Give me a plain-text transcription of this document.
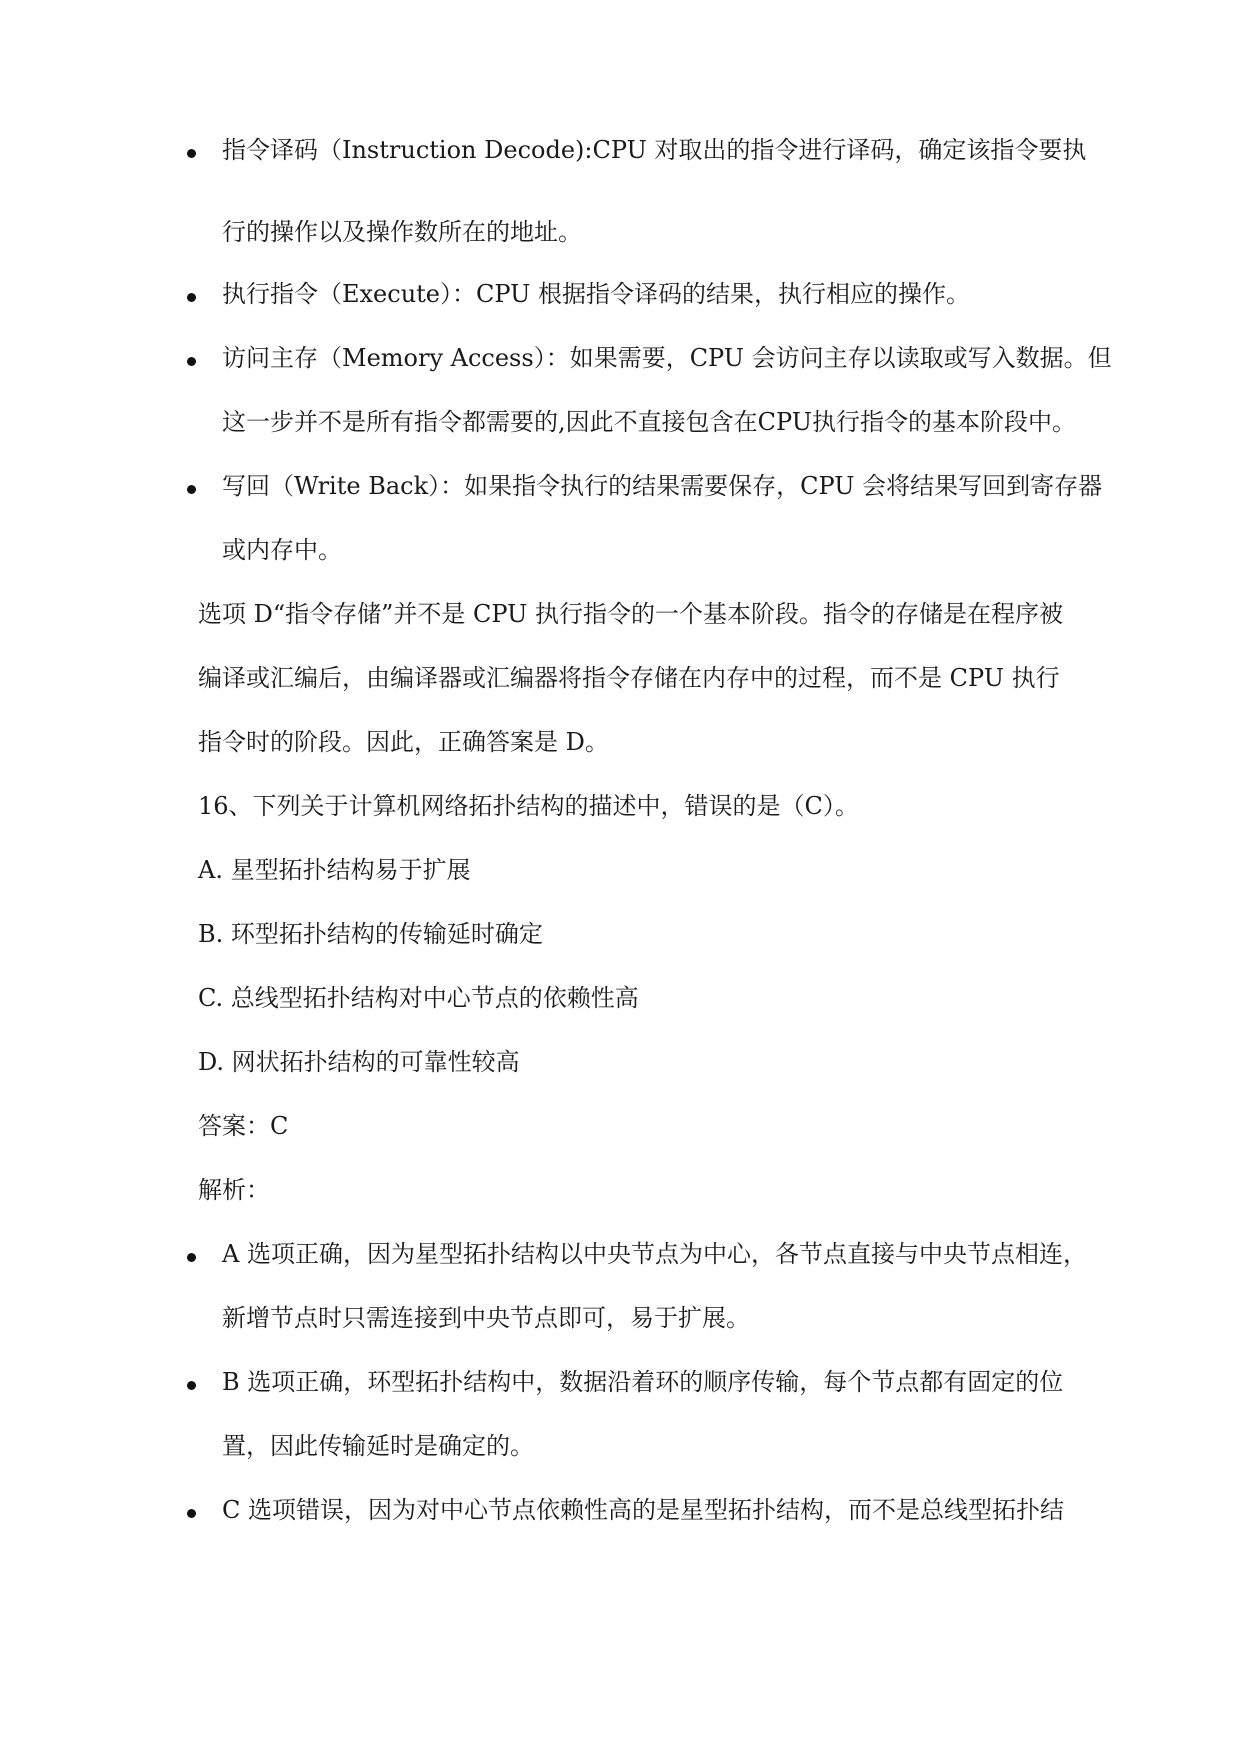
指令译码（Instruction Decode):CPU 对取出的指令进行译码，确定该指令要执
行的操作以及操作数所在的地址。
执行指令（Execute）：CPU 根据指令译码的结果，执行相应的操作。
访问主存（Memory Access）：如果需要，CPU 会访问主存以读取或写入数据。但
这一步并不是所有指令都需要的,因此不直接包含在CPU执行指令的基本阶段中。
写回（Write Back）：如果指令执行的结果需要保存，CPU 会将结果写回到寄存器
或内存中。
选项 D“指令存储”并不是 CPU 执行指令的一个基本阶段。指令的存储是在程序被
编译或汇编后，由编译器或汇编器将指令存储在内存中的过程，而不是 CPU 执行
指令时的阶段。因此，正确答案是 D。
16、下列关于计算机网络拓扑结构的描述中，错误的是（C）。
A. 星型拓扑结构易于扩展
B. 环型拓扑结构的传输延时确定
C. 总线型拓扑结构对中心节点的依赖性高
D. 网状拓扑结构的可靠性较高
答案：C
解析：
A 选项正确，因为星型拓扑结构以中央节点为中心，各节点直接与中央节点相连，
新增节点时只需连接到中央节点即可，易于扩展。
B 选项正确，环型拓扑结构中，数据沿着环的顺序传输，每个节点都有固定的位
置，因此传输延时是确定的。
C 选项错误，因为对中心节点依赖性高的是星型拓扑结构，而不是总线型拓扑结
